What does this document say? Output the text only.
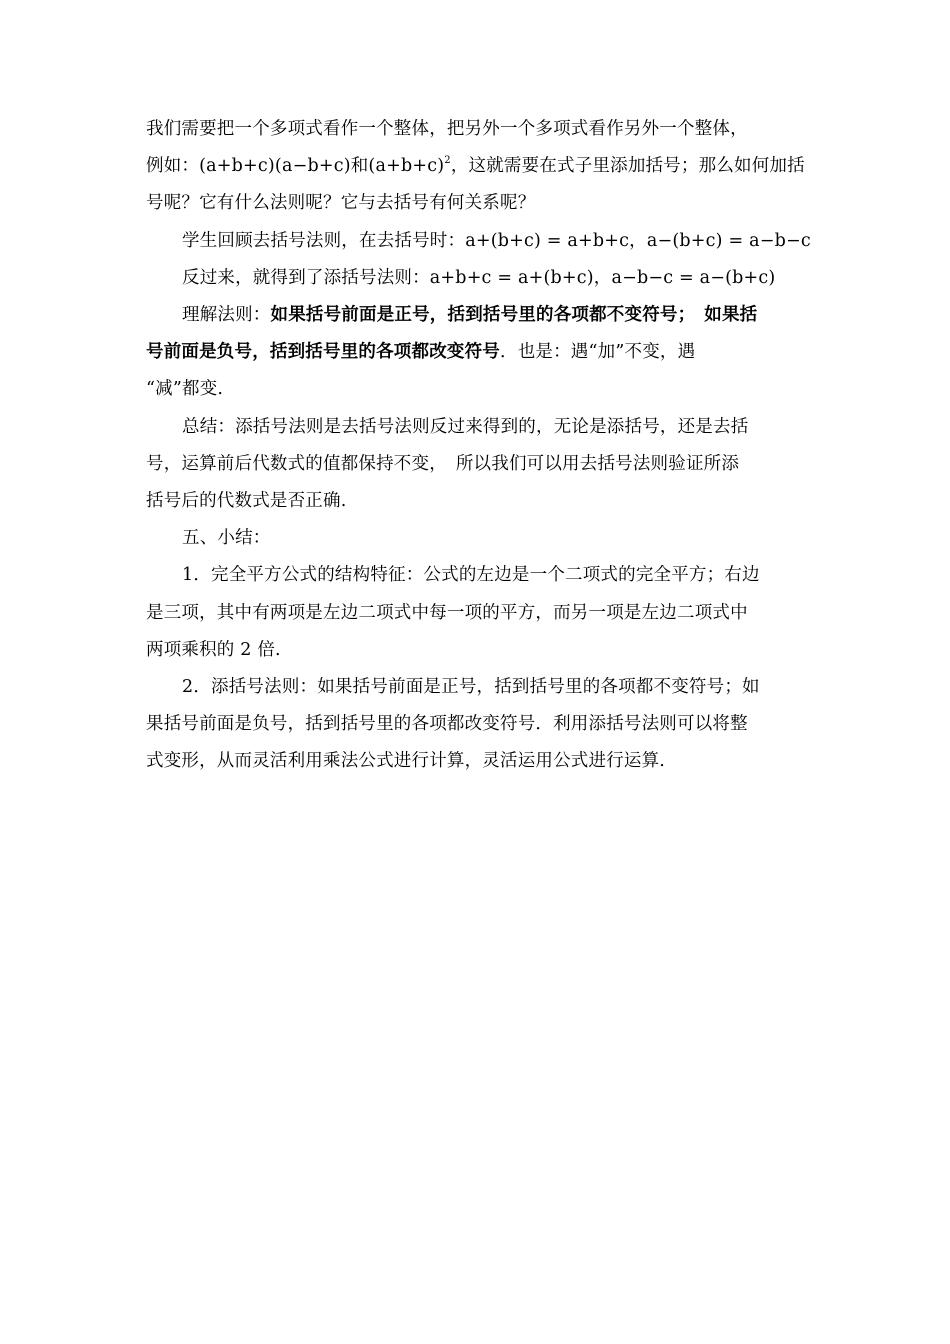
我们需要把一个多项式看作一个整体，把另外一个多项式看作另外一个整体，
例如：(a+b+c)(a−b+c)和$(a+b+c)^2$，这就需要在式子里添加括号；那么如何加括
号呢？它有什么法则呢？它与去括号有何关系呢？

学生回顾去括号法则，在去括号时：a+(b+c) = a+b+c，a−(b+c) = a−b−c

反过来，就得到了添括号法则：a+b+c = a+(b+c)，a−b−c = a−(b+c)

理解法则：如果括号前面是正号，括到括号里的各项都不变符号；　如果括
号前面是负号，括到括号里的各项都改变符号．也是：遇“加”不变，遇
“减”都变.

总结：添括号法则是去括号法则反过来得到的，无论是添括号，还是去括
号，运算前后代数式的值都保持不变，　所以我们可以用去括号法则验证所添
括号后的代数式是否正确.

五、小结：

1．完全平方公式的结构特征：公式的左边是一个二项式的完全平方；右边
是三项，其中有两项是左边二项式中每一项的平方，而另一项是左边二项式中
两项乘积的 2 倍.

2．添括号法则：如果括号前面是正号，括到括号里的各项都不变符号；如
果括号前面是负号，括到括号里的各项都改变符号．利用添括号法则可以将整
式变形，从而灵活利用乘法公式进行计算，灵活运用公式进行运算.
